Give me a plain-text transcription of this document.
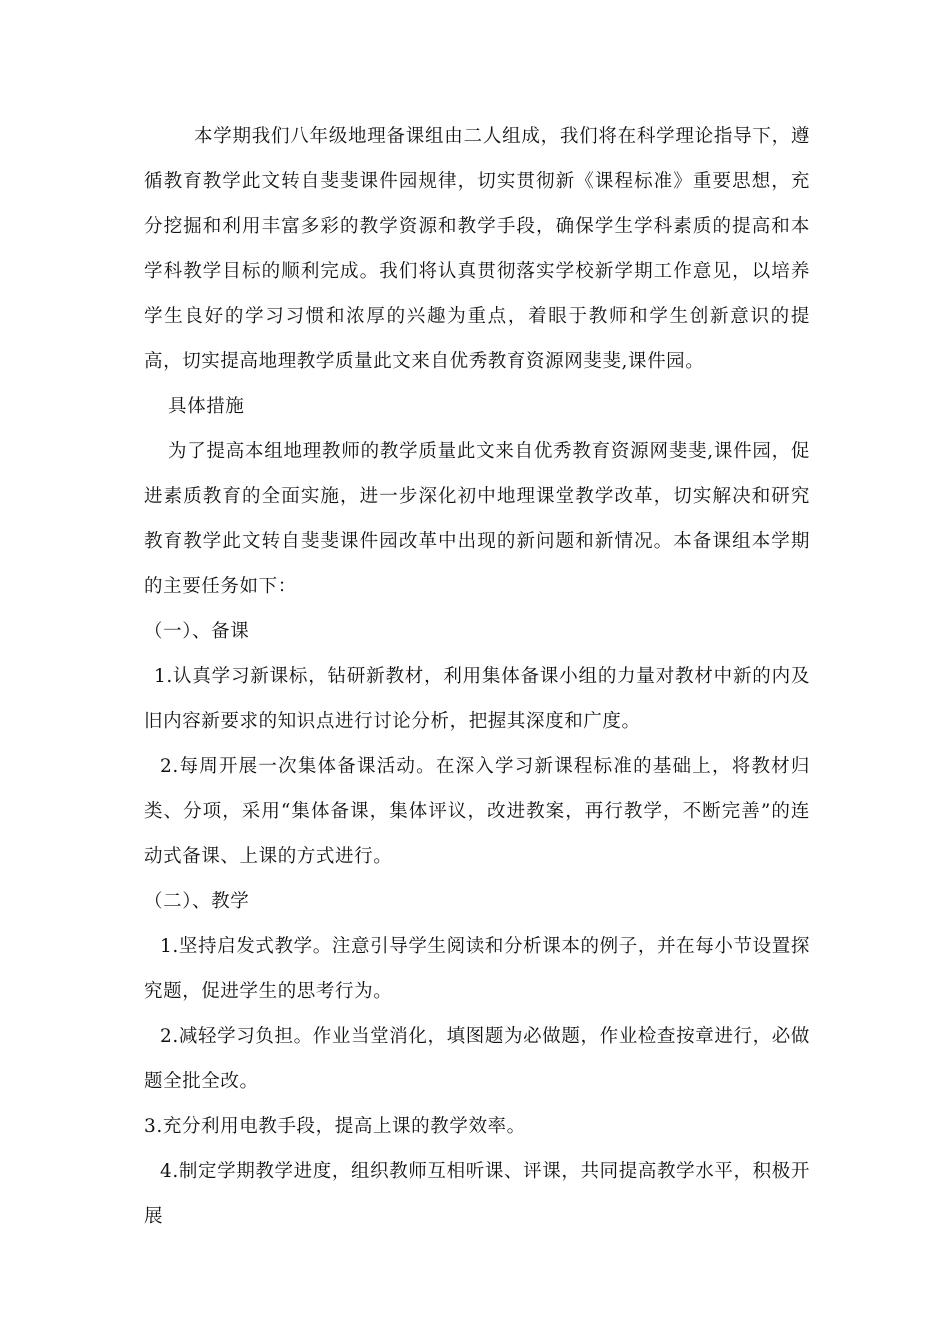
本学期我们八年级地理备课组由二人组成，我们将在科学理论指导下，遵循教育教学此文转自斐斐课件园规律，切实贯彻新《课程标准》重要思想，充分挖掘和利用丰富多彩的教学资源和教学手段，确保学生学科素质的提高和本学科教学目标的顺利完成。我们将认真贯彻落实学校新学期工作意见，以培养学生良好的学习习惯和浓厚的兴趣为重点，着眼于教师和学生创新意识的提高，切实提高地理教学质量此文来自优秀教育资源网斐斐,课件园。

具体措施

为了提高本组地理教师的教学质量此文来自优秀教育资源网斐斐,课件园，促进素质教育的全面实施，进一步深化初中地理课堂教学改革，切实解决和研究教育教学此文转自斐斐课件园改革中出现的新问题和新情况。本备课组本学期的主要任务如下：

（一）、备课

1.认真学习新课标，钻研新教材，利用集体备课小组的力量对教材中新的内及旧内容新要求的知识点进行讨论分析，把握其深度和广度。

2.每周开展一次集体备课活动。在深入学习新课程标准的基础上，将教材归类、分项，采用“集体备课，集体评议，改进教案，再行教学，不断完善”的连动式备课、上课的方式进行。

（二）、教学

1.坚持启发式教学。注意引导学生阅读和分析课本的例子，并在每小节设置探究题，促进学生的思考行为。

2.减轻学习负担。作业当堂消化，填图题为必做题，作业检查按章进行，必做题全批全改。

3.充分利用电教手段，提高上课的教学效率。

4.制定学期教学进度，组织教师互相听课、评课，共同提高教学水平，积极开展
